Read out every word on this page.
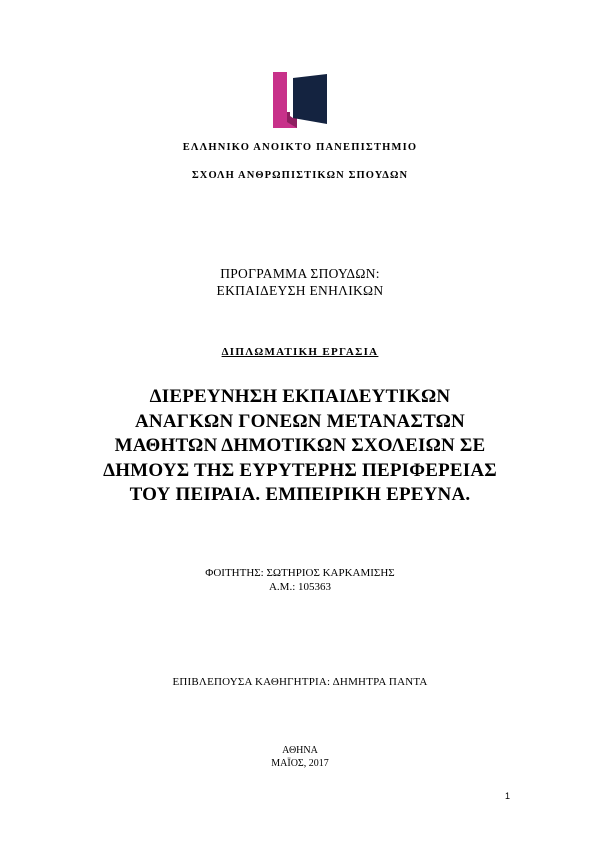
ΕΛΛΗΝΙΚΟ ΑΝΟΙΚΤΟ ΠΑΝΕΠΙΣΤΗΜΙΟ
ΣΧΟΛΗ ΑΝΘΡΩΠΙΣΤΙΚΩΝ ΣΠΟΥΔΩΝ
ΠΡΟΓΡΑΜΜΑ ΣΠΟΥΔΩΝ:
ΕΚΠΑΙΔΕΥΣΗ ΕΝΗΛΙΚΩΝ
ΔΙΠΛΩΜΑΤΙΚΗ ΕΡΓΑΣΙΑ
ΔΙΕΡΕΥΝΗΣΗ ΕΚΠΑΙΔΕΥΤΙΚΩΝ
ΑΝΑΓΚΩΝ ΓΟΝΕΩΝ ΜΕΤΑΝΑΣΤΩΝ
ΜΑΘΗΤΩΝ ΔΗΜΟΤΙΚΩΝ ΣΧΟΛΕΙΩΝ ΣΕ
ΔΗΜΟΥΣ ΤΗΣ ΕΥΡΥΤΕΡΗΣ ΠΕΡΙΦΕΡΕΙΑΣ
ΤΟΥ ΠΕΙΡΑΙΑ. ΕΜΠΕΙΡΙΚΗ ΕΡΕΥΝΑ.
ΦΟΙΤΗΤΗΣ: ΣΩΤΗΡΙΟΣ ΚΑΡΚΑΜΙΣΗΣ
Α.Μ.: 105363
ΕΠΙΒΛΕΠΟΥΣΑ ΚΑΘΗΓΗΤΡΙΑ: ΔΗΜΗΤΡΑ ΠΑΝΤΑ
ΑΘΗΝΑ
ΜΑΪΟΣ, 2017
1
